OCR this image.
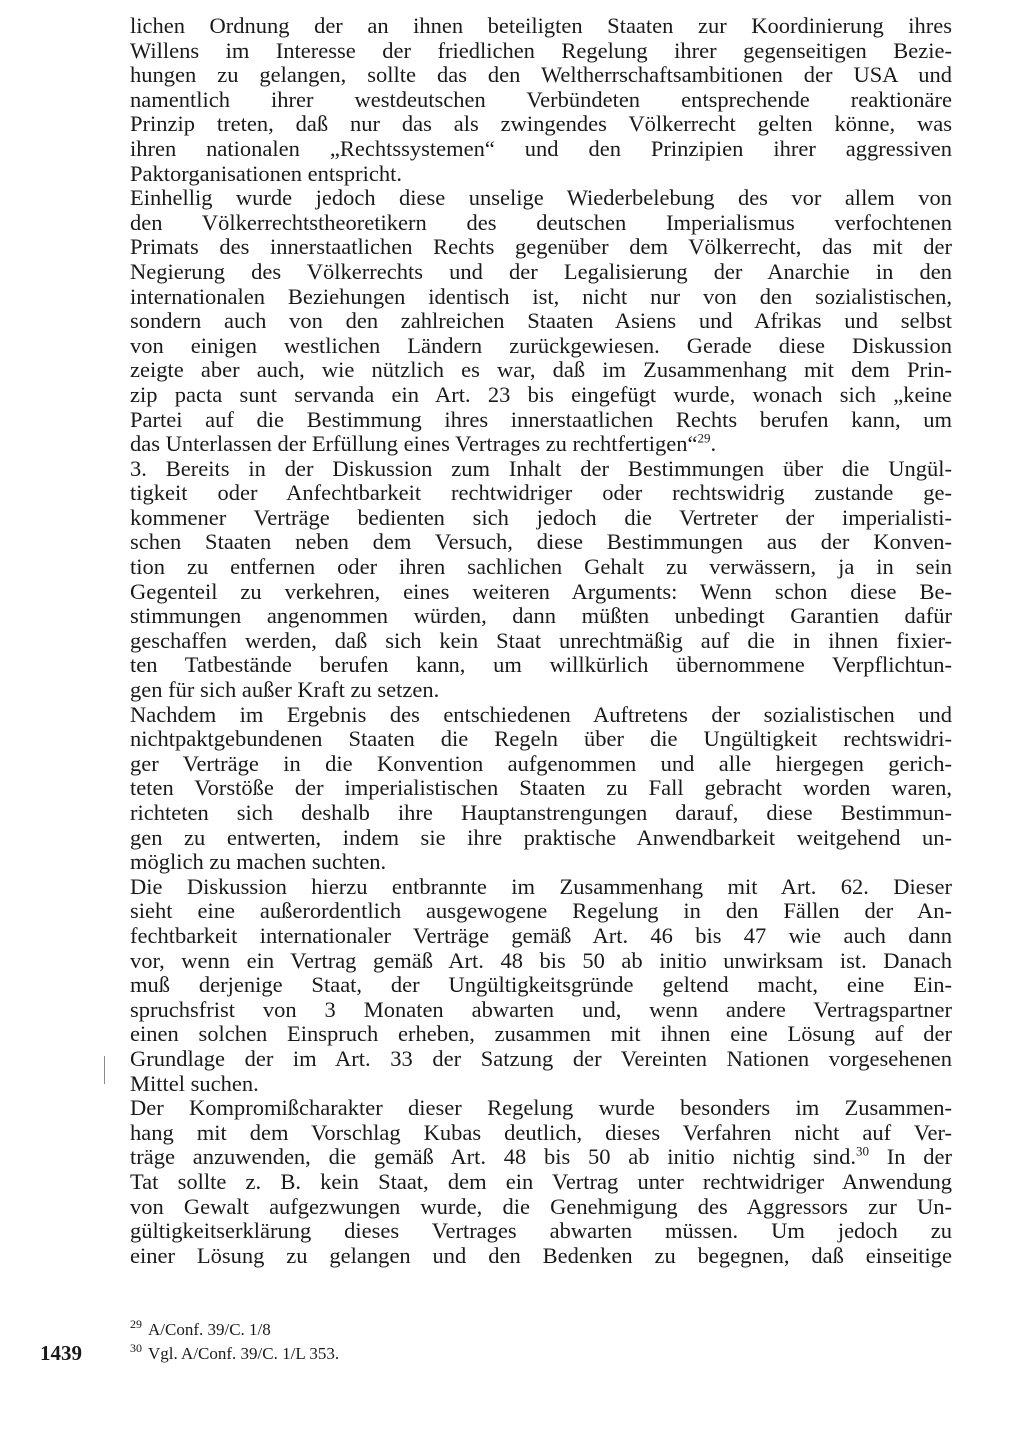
lichen Ordnung der an ihnen beteiligten Staaten zur Koordinierung ihres
Willens im Interesse der friedlichen Regelung ihrer gegenseitigen Bezie-
hungen zu gelangen, sollte das den Weltherrschaftsambitionen der USA und
namentlich ihrer westdeutschen Verbündeten entsprechende reaktionäre
Prinzip treten, daß nur das als zwingendes Völkerrecht gelten könne, was
ihren nationalen „Rechtssystemen“ und den Prinzipien ihrer aggressiven
Paktorganisationen entspricht.
Einhellig wurde jedoch diese unselige Wiederbelebung des vor allem von
den Völkerrechtstheoretikern des deutschen Imperialismus verfochtenen
Primats des innerstaatlichen Rechts gegenüber dem Völkerrecht, das mit der
Negierung des Völkerrechts und der Legalisierung der Anarchie in den
internationalen Beziehungen identisch ist, nicht nur von den sozialistischen,
sondern auch von den zahlreichen Staaten Asiens und Afrikas und selbst
von einigen westlichen Ländern zurückgewiesen. Gerade diese Diskussion
zeigte aber auch, wie nützlich es war, daß im Zusammenhang mit dem Prin-
zip pacta sunt servanda ein Art. 23 bis eingefügt wurde, wonach sich „keine
Partei auf die Bestimmung ihres innerstaatlichen Rechts berufen kann, um
das Unterlassen der Erfüllung eines Vertrages zu rechtfertigen“$^{29}$.
3. Bereits in der Diskussion zum Inhalt der Bestimmungen über die Ungül-
tigkeit oder Anfechtbarkeit rechtwidriger oder rechtswidrig zustande ge-
kommener Verträge bedienten sich jedoch die Vertreter der imperialisti-
schen Staaten neben dem Versuch, diese Bestimmungen aus der Konven-
tion zu entfernen oder ihren sachlichen Gehalt zu verwässern, ja in sein
Gegenteil zu verkehren, eines weiteren Arguments: Wenn schon diese Be-
stimmungen angenommen würden, dann müßten unbedingt Garantien dafür
geschaffen werden, daß sich kein Staat unrechtmäßig auf die in ihnen fixier-
ten Tatbestände berufen kann, um willkürlich übernommene Verpflichtun-
gen für sich außer Kraft zu setzen.
Nachdem im Ergebnis des entschiedenen Auftretens der sozialistischen und
nichtpaktgebundenen Staaten die Regeln über die Ungültigkeit rechtswidri-
ger Verträge in die Konvention aufgenommen und alle hiergegen gerich-
teten Vorstöße der imperialistischen Staaten zu Fall gebracht worden waren,
richteten sich deshalb ihre Hauptanstrengungen darauf, diese Bestimmun-
gen zu entwerten, indem sie ihre praktische Anwendbarkeit weitgehend un-
möglich zu machen suchten.
Die Diskussion hierzu entbrannte im Zusammenhang mit Art. 62. Dieser
sieht eine außerordentlich ausgewogene Regelung in den Fällen der An-
fechtbarkeit internationaler Verträge gemäß Art. 46 bis 47 wie auch dann
vor, wenn ein Vertrag gemäß Art. 48 bis 50 ab initio unwirksam ist. Danach
muß derjenige Staat, der Ungültigkeitsgründe geltend macht, eine Ein-
spruchsfrist von 3 Monaten abwarten und, wenn andere Vertragspartner
einen solchen Einspruch erheben, zusammen mit ihnen eine Lösung auf der
Grundlage der im Art. 33 der Satzung der Vereinten Nationen vorgesehenen
Mittel suchen.
Der Kompromißcharakter dieser Regelung wurde besonders im Zusammen-
hang mit dem Vorschlag Kubas deutlich, dieses Verfahren nicht auf Ver-
träge anzuwenden, die gemäß Art. 48 bis 50 ab initio nichtig sind.$^{30}$ In der
Tat sollte z. B. kein Staat, dem ein Vertrag unter rechtwidriger Anwendung
von Gewalt aufgezwungen wurde, die Genehmigung des Aggressors zur Un-
gültigkeitserklärung dieses Vertrages abwarten müssen. Um jedoch zu
einer Lösung zu gelangen und den Bedenken zu begegnen, daß einseitige
$^{29}$ A/Conf. 39/C. 1/8
$^{30}$ Vgl. A/Conf. 39/C. 1/L 353.
1439
